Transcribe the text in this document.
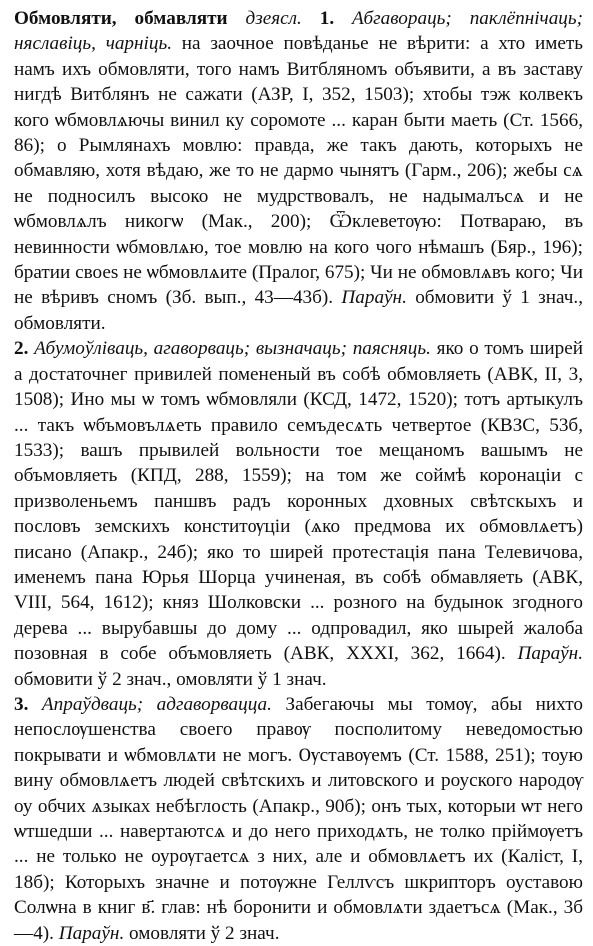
Обмовляти, обмавляти дзеясл. 1. Абгавораць; паклёпнічаць; няславіць, чарніць. на заочное повѣданье не вѣрити: а хто иметь намъ ихъ обмовляти, того намъ Витбляномъ объявити, а въ заставу нигдѣ Витблянъ не сажати (АЗР, I, 352, 1503); хтобы тэж колвекъ кого ѡбмовлѧючы винил ку соромоте ... каран быти маеть (Ст. 1566, 86); о Рымлянахъ мовлю: правда, же такъ дають, которыхъ не обмавляю, хотя вѣдаю, же то не дармо чынятъ (Гарм., 206); жебы сѧ не подносилъ высоко не мудрствовалъ, не надымалъсѧ и не ѡбмовлѧлъ никогѡ (Мак., 200); Ѿклеветѹю: Потвараю, въ невинности ѡбмовлѧю, тое мовлю на кого чого нѣмашъ (Бяр., 196); братии своеѕ не ѡбмовлѧите (Пралог, 675); Чи не обмовлѧвъ кого; Чи не вѣривъ сномъ (Зб. вып., 43—43б). Параўн. обмовити ў 1 знач., обмовляти.

2. Абумоўліваць, агаворваць; вызначаць; паясняць. яко о томъ ширей а достаточнег привилей помененый въ собѣ обмовляеть (АВК, II, 3, 1508); Ино мы ѡ томъ ѡбмовляли (КСД, 1472, 1520); тотъ артыкулъ ... такъ ѡбъмовълѧеть правило семъдесѧть четвертое (КВЗС, 53б, 1533); вашъ прывилей вольности тое мещаномъ вашымъ не объмовляеть (КПД, 288, 1559); на том же соймѣ коронаціи с призволеньемъ паншвъ радъ коронных дховных свѣтскыхъ и пословъ земскихъ конститѹціи (ѧко предмова их обмовлѧетъ) писано (Апакр., 24б); яко то ширей протестація пана Телевичова, именемъ пана Юрья Шорца учиненая, въ собѣ обмавляеть (АВК, VIII, 564, 1612); княз Шолковски ... розного на будынок згодного дерева ... вырубавшы до дому ... одпровадил, яко шырей жалоба позовная в собе объмовляеть (АВК, XXXI, 362, 1664). Параўн. обмовити ў 2 знач., омовляти ў 1 знач.

3. Апраўдваць; адгаворвацца. Забегаючы мы томѹ, абы нихто непослѹшенства своего правѹ посполитому неведомостью покрывати и ѡбмовлѧти не могъ. Ѹставѹемъ (Ст. 1588, 251); тоую вину обмовлѧетъ людей свѣтскихъ и литовского и роуского народѹ оу обчих ѧзыках небѣглость (Апакр., 90б); онъ тых, которыи ѡт него ѡтшедши ... навертаютсѧ и до него приходѧть, не толко пріймѹетъ ... не только не оурѹгаетсѧ з них, але и обмовлѧетъ их (Каліст, I, 18б); Которыхъ значне и потѹжне Геллѵсъ шкрипторъ оуставою Солѡна в книг в҃. глав: нѣ боронити и обмовлѧти здаетъсѧ (Мак., 3б—4). Параўн. омовляти ў 2 знач.
